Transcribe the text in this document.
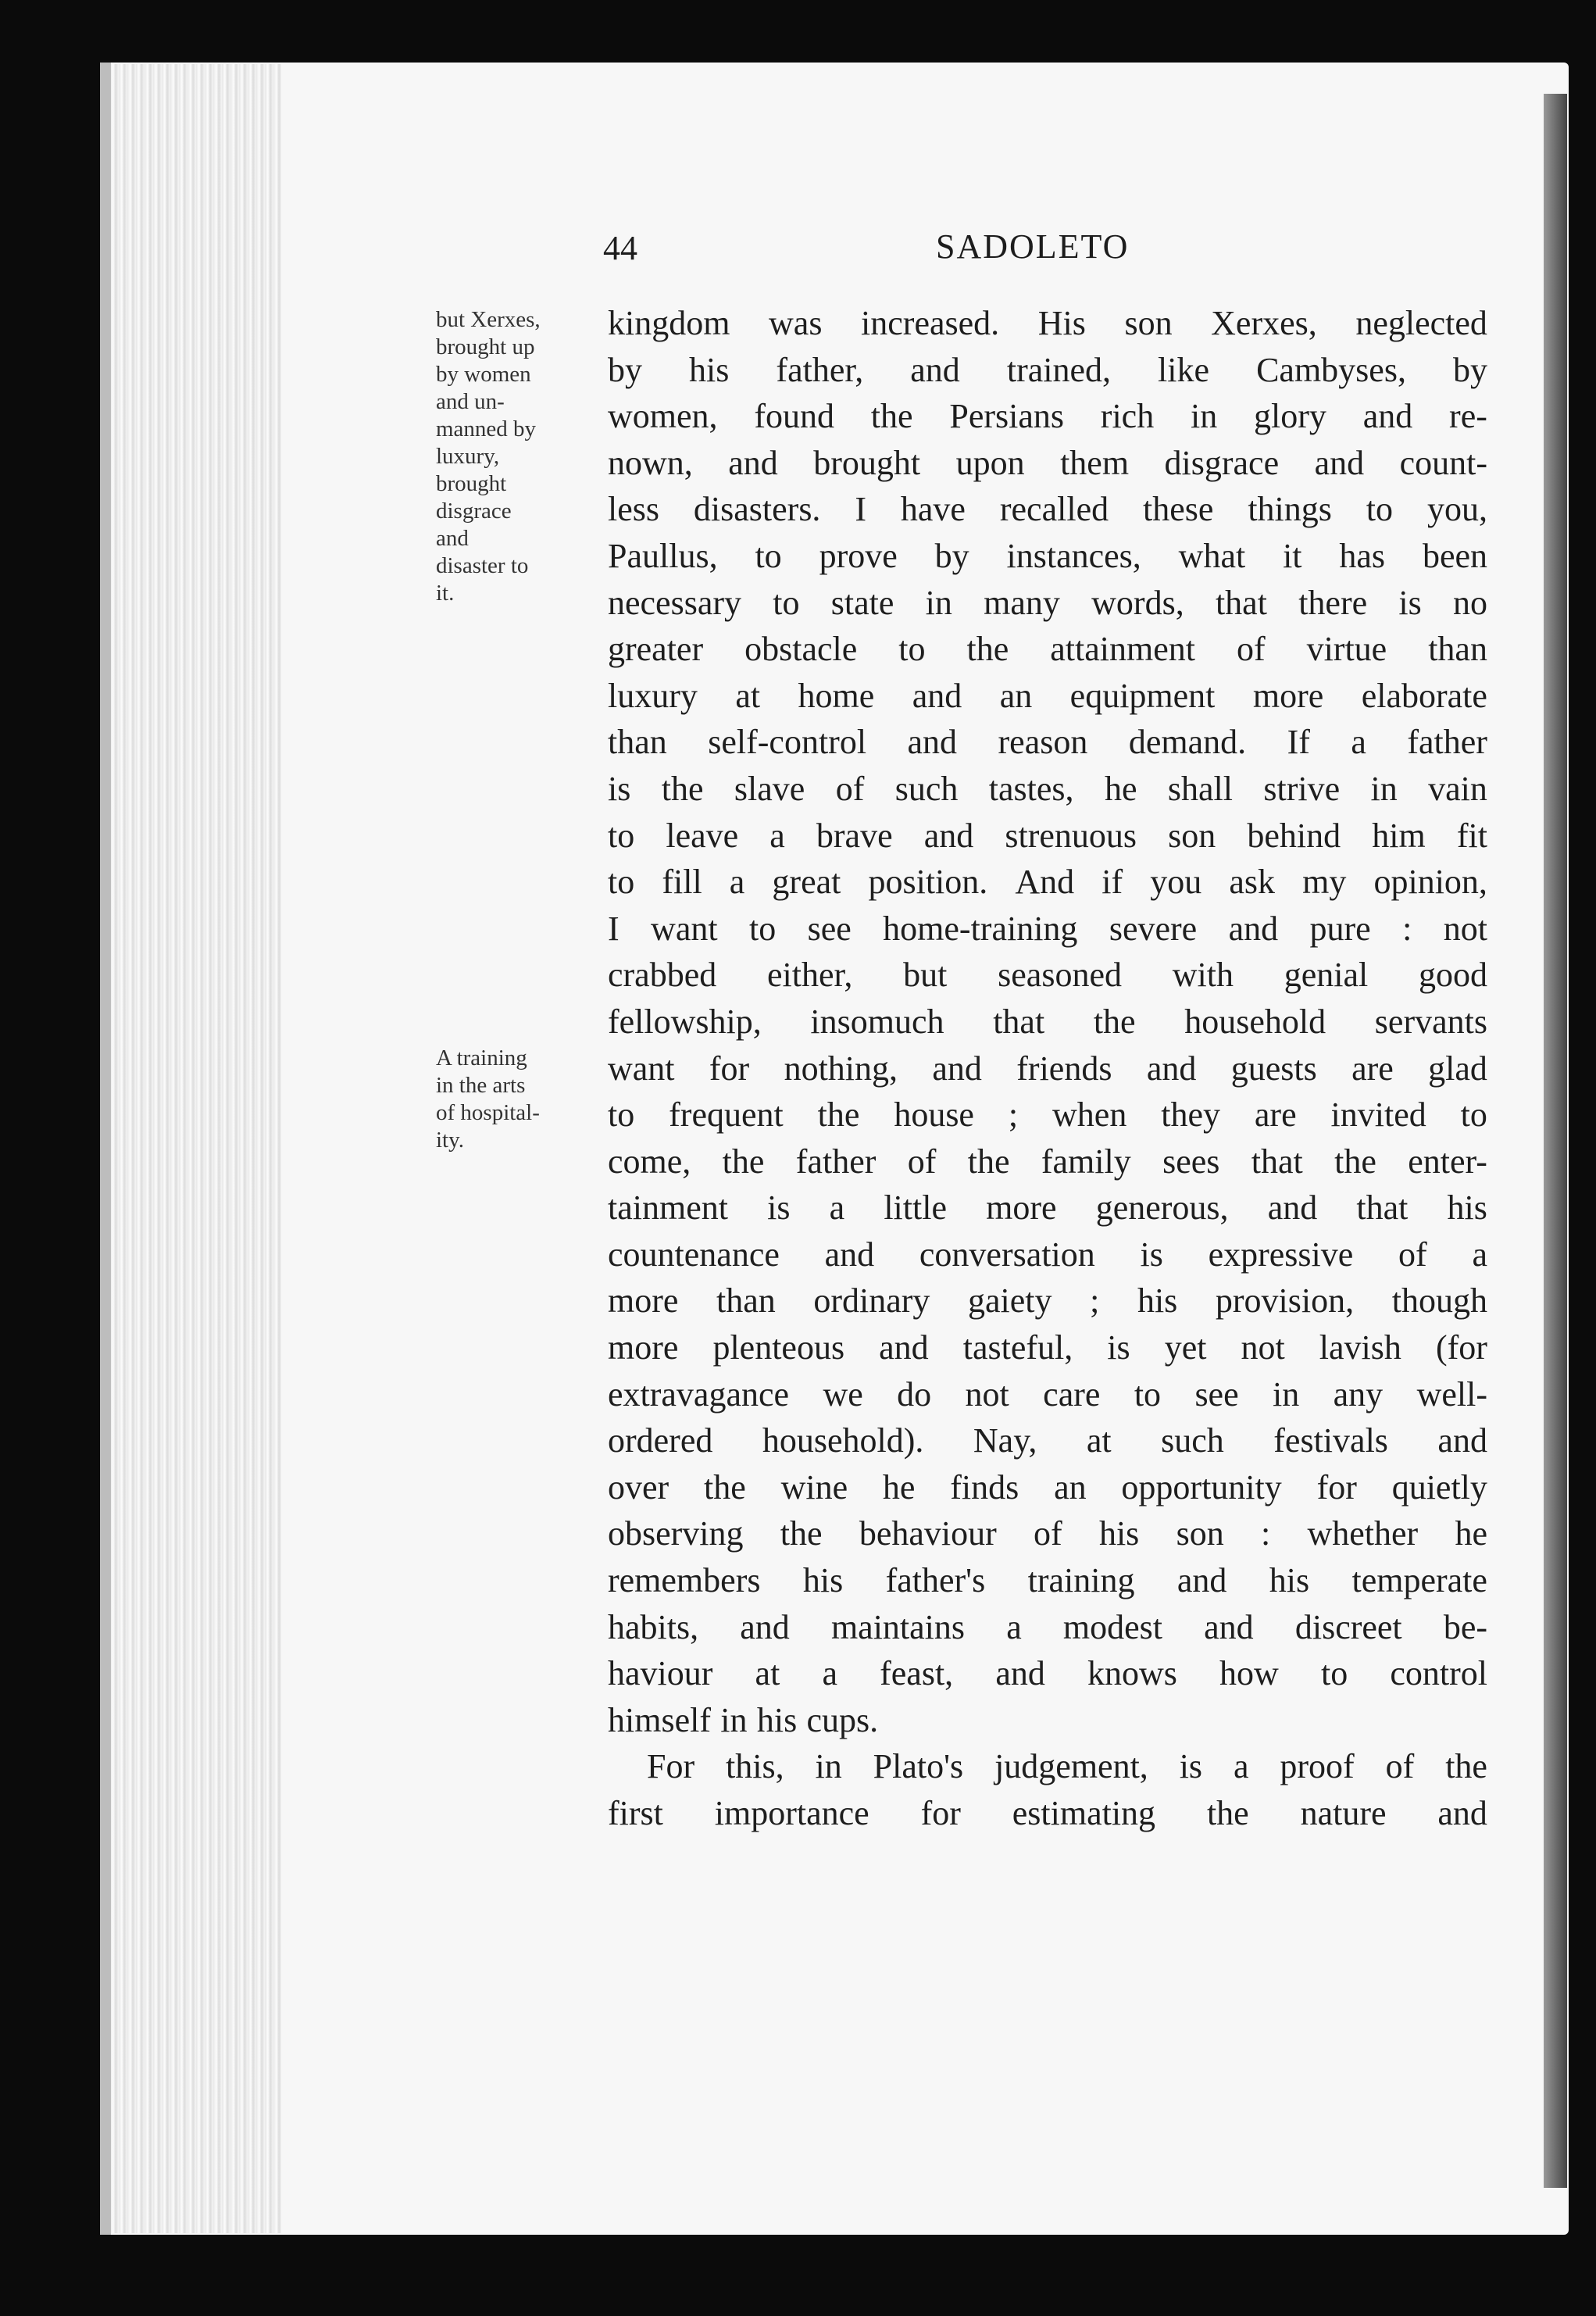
44	SADOLETO
but Xerxes,
brought up
by women
and un-
manned by
luxury,
brought
disgrace
and
disaster to
it.
A training
in the arts
of hospital-
ity.
kingdom was increased. His son Xerxes, neglected
by his father, and trained, like Cambyses, by
women, found the Persians rich in glory and re-
nown, and brought upon them disgrace and count-
less disasters. I have recalled these things to you,
Paullus, to prove by instances, what it has been
necessary to state in many words, that there is no
greater obstacle to the attainment of virtue than
luxury at home and an equipment more elaborate
than self-control and reason demand. If a father
is the slave of such tastes, he shall strive in vain
to leave a brave and strenuous son behind him fit
to fill a great position. And if you ask my opinion,
I want to see home-training severe and pure : not
crabbed either, but seasoned with genial good
fellowship, insomuch that the household servants
want for nothing, and friends and guests are glad
to frequent the house ; when they are invited to
come, the father of the family sees that the enter-
tainment is a little more generous, and that his
countenance and conversation is expressive of a
more than ordinary gaiety ; his provision, though
more plenteous and tasteful, is yet not lavish (for
extravagance we do not care to see in any well-
ordered household). Nay, at such festivals and
over the wine he finds an opportunity for quietly
observing the behaviour of his son : whether he
remembers his father's training and his temperate
habits, and maintains a modest and discreet be-
haviour at a feast, and knows how to control
himself in his cups.
For this, in Plato's judgement, is a proof of the
first importance for estimating the nature and
